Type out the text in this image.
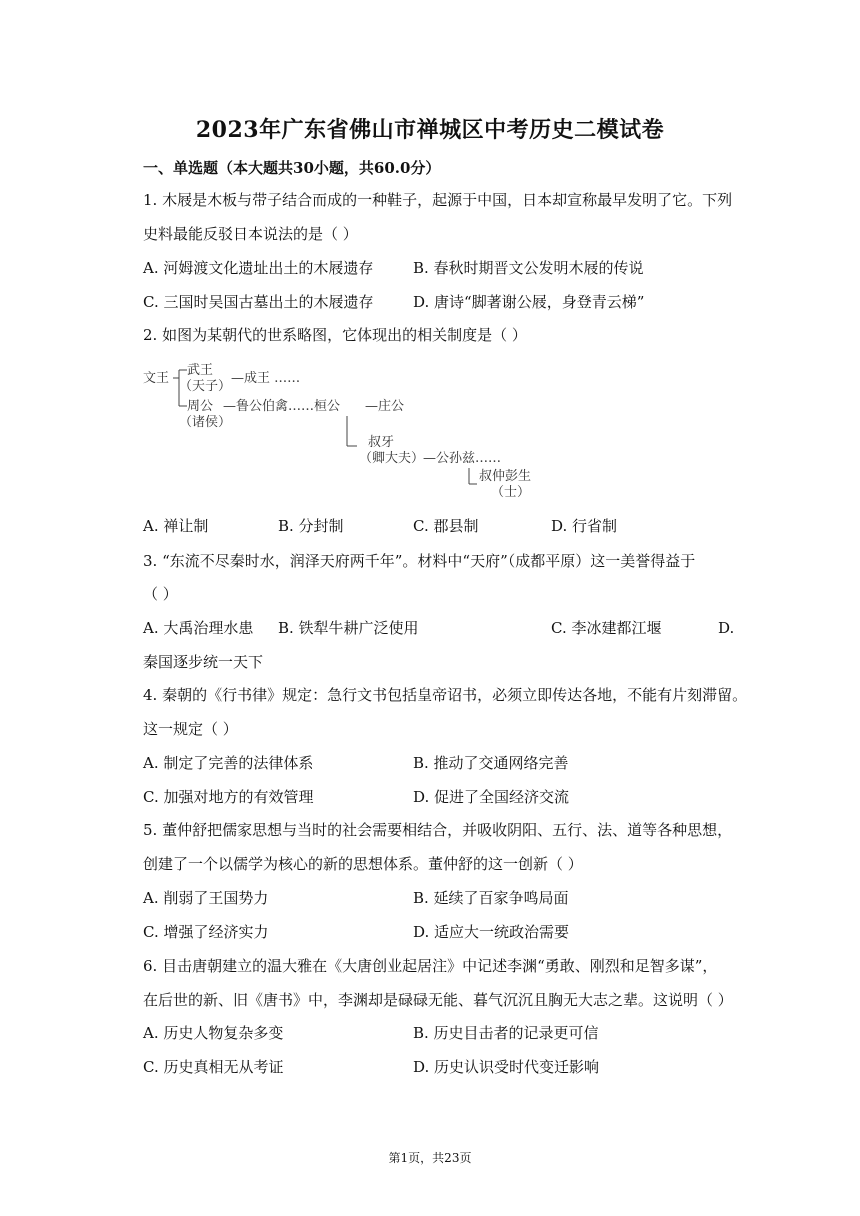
2023年广东省佛山市禅城区中考历史二模试卷
一、单选题（本大题共30小题，共60.0分）
1. 木屐是木板与带子结合而成的一种鞋子，起源于中国，日本却宣称最早发明了它。下列
史料最能反驳日本说法的是（ ）
A. 河姆渡文化遗址出土的木屐遗存	B. 春秋时期晋文公发明木屐的传说
C. 三国时吴国古墓出土的木屐遗存	D. 唐诗“脚著谢公屐，身登青云梯”
2. 如图为某朝代的世系略图，它体现出的相关制度是（ ）
文王
武王
（天子）
—成王 ……
周公
（诸侯）
—鲁公伯禽……桓公 —庄公
叔牙
（卿大夫）
—公孙兹……
叔仲彭生
（士）
A. 禅让制	B. 分封制	C. 郡县制	D. 行省制
3. “东流不尽秦时水，润泽天府两千年”。材料中“天府”（成都平原）这一美誉得益于
（ ）
A. 大禹治理水患 B. 铁犁牛耕广泛使用	C. 李冰建都江堰	D.
秦国逐步统一天下
4. 秦朝的《行书律》规定：急行文书包括皇帝诏书，必须立即传达各地，不能有片刻滞留。
这一规定（ ）
A. 制定了完善的法律体系	B. 推动了交通网络完善
C. 加强对地方的有效管理	D. 促进了全国经济交流
5. 董仲舒把儒家思想与当时的社会需要相结合，并吸收阴阳、五行、法、道等各种思想，
创建了一个以儒学为核心的新的思想体系。董仲舒的这一创新（ ）
A. 削弱了王国势力	B. 延续了百家争鸣局面
C. 增强了经济实力	D. 适应大一统政治需要
6. 目击唐朝建立的温大雅在《大唐创业起居注》中记述李渊“勇敢、刚烈和足智多谋”，
在后世的新、旧《唐书》中，李渊却是碌碌无能、暮气沉沉且胸无大志之辈。这说明（ ）
A. 历史人物复杂多变	B. 历史目击者的记录更可信
C. 历史真相无从考证	D. 历史认识受时代变迁影响
第1页，共23页
